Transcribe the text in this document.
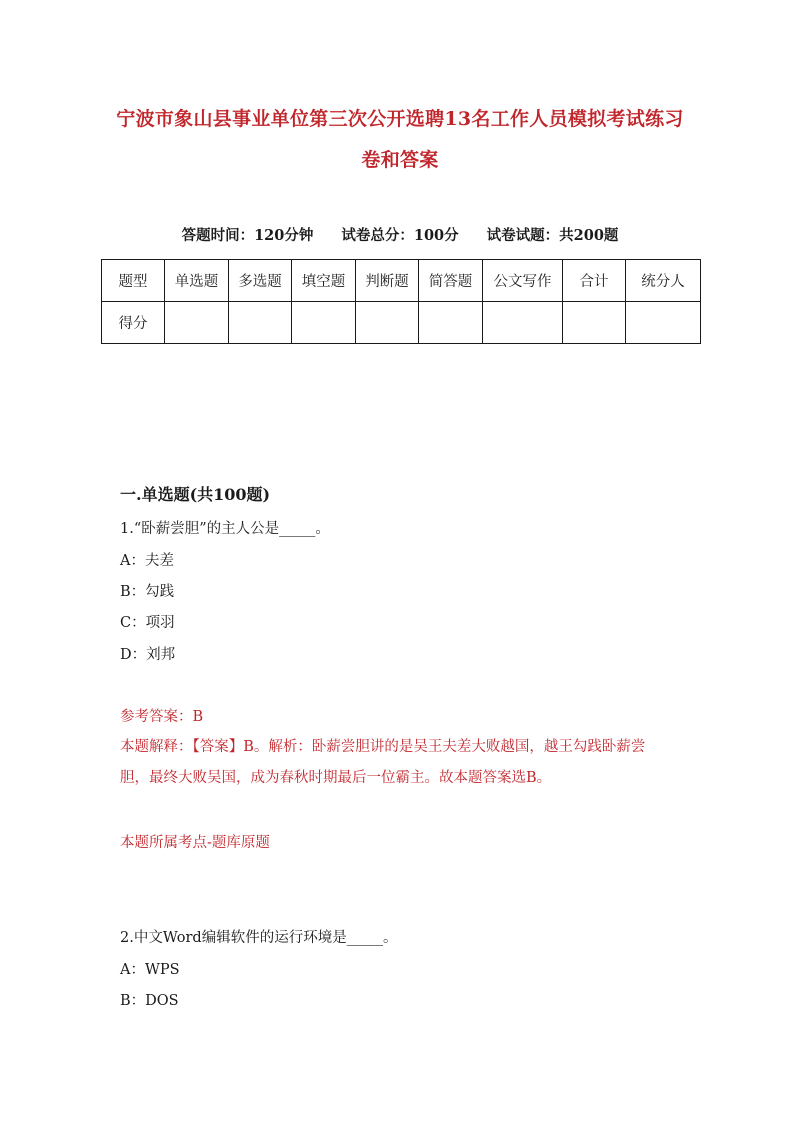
宁波市象山县事业单位第三次公开选聘13名工作人员模拟考试练习
卷和答案
答题时间：120分钟 试卷总分：100分 试卷试题：共200题
题型	单选题	多选题	填空题	判断题	简答题	公文写作	合计	统分人
得分								
一.单选题(共100题)
1.“卧薪尝胆”的主人公是_____。
A：夫差
B：勾践
C：项羽
D：刘邦
参考答案：B
本题解释：【答案】B。解析：卧薪尝胆讲的是吴王夫差大败越国，越王勾践卧薪尝胆，最终大败吴国，成为春秋时期最后一位霸主。故本题答案选B。
本题所属考点-题库原题
2.中文Word编辑软件的运行环境是_____。
A：WPS
B：DOS
